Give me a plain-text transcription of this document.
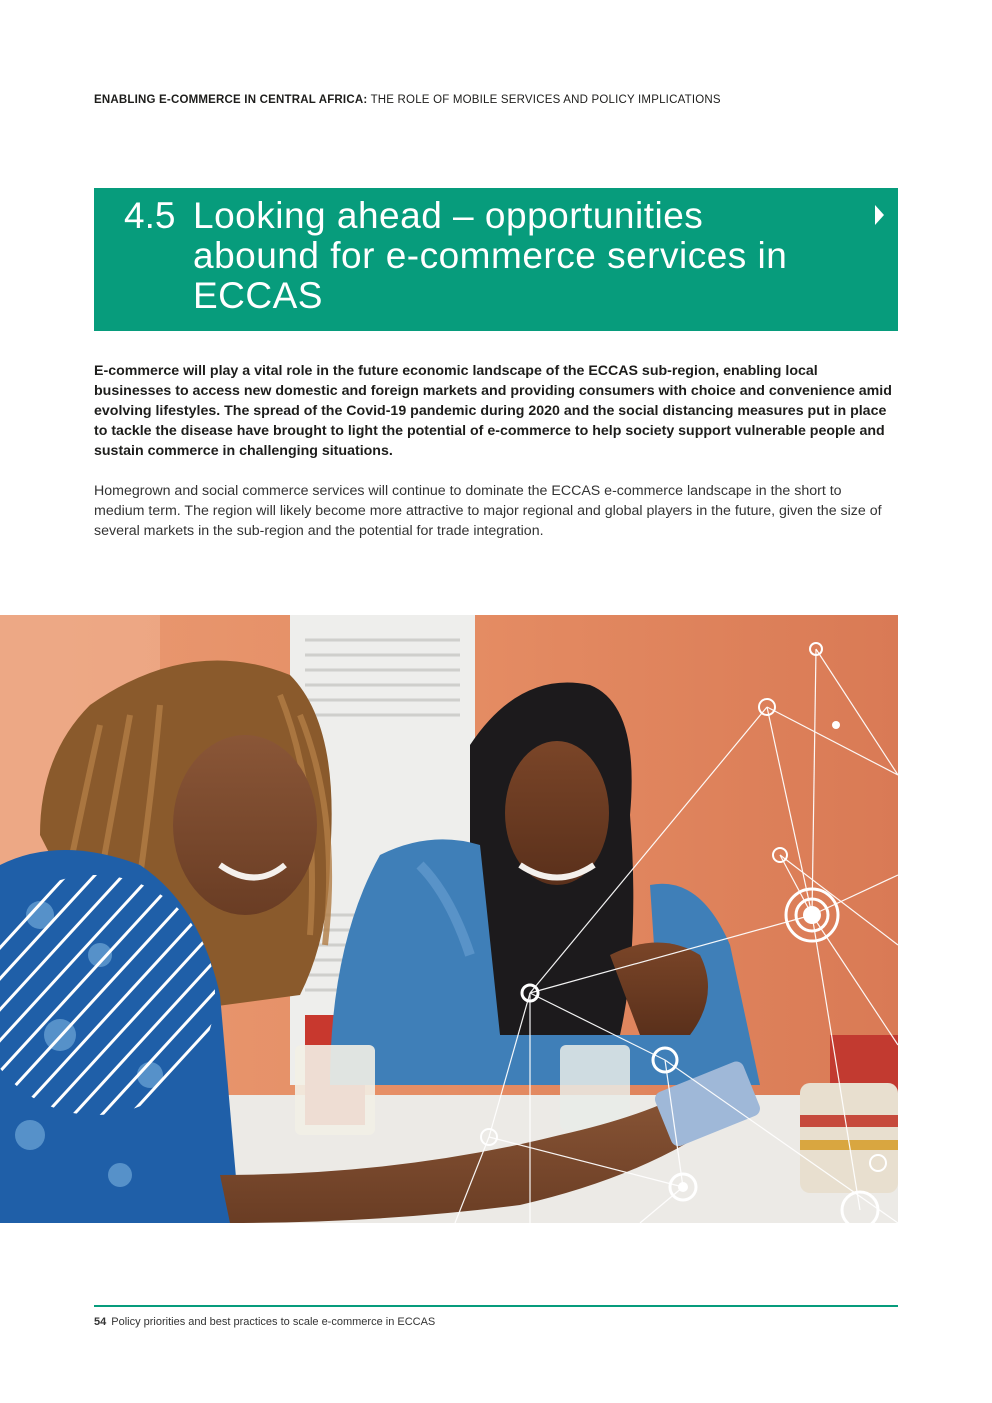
ENABLING E-COMMERCE IN CENTRAL AFRICA: THE ROLE OF MOBILE SERVICES AND POLICY IMPLICATIONS
4.5 Looking ahead – opportunities abound for e-commerce services in ECCAS

E-commerce will play a vital role in the future economic landscape of the ECCAS sub-region, enabling local businesses to access new domestic and foreign markets and providing consumers with choice and convenience amid evolving lifestyles. The spread of the Covid-19 pandemic during 2020 and the social distancing measures put in place to tackle the disease have brought to light the potential of e-commerce to help society support vulnerable people and sustain commerce in challenging situations.

Homegrown and social commerce services will continue to dominate the ECCAS e-commerce landscape in the short to medium term. The region will likely become more attractive to major regional and global players in the future, given the size of several markets in the sub-region and the potential for trade integration.

54 Policy priorities and best practices to scale e-commerce in ECCAS
